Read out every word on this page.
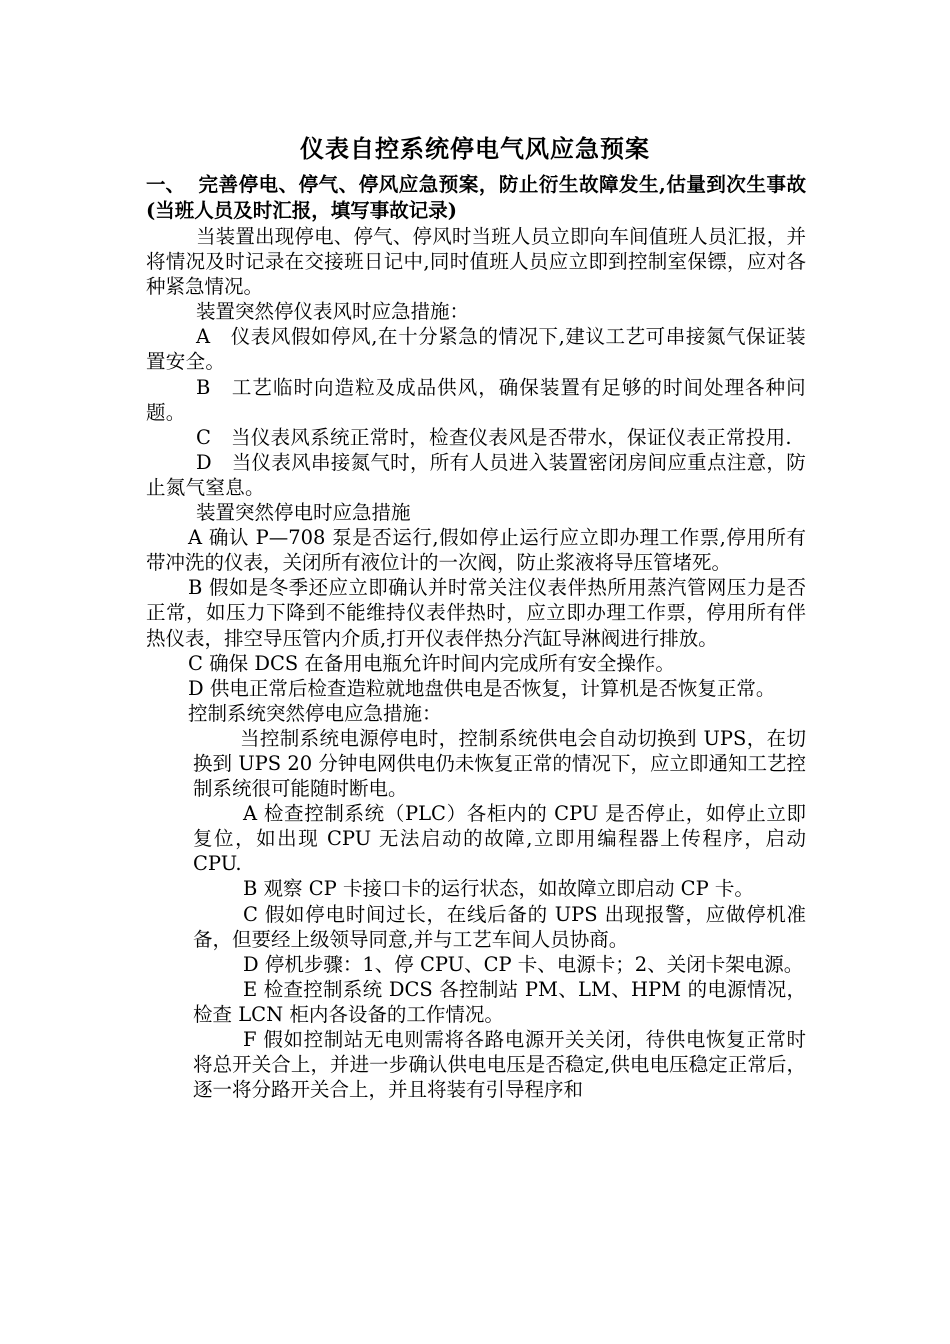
仪表自控系统停电气风应急预案
一、 完善停电、停气、停风应急预案，防止衍生故障发生,估量到次生事故(当班人员及时汇报，填写事故记录)

当装置出现停电、停气、停风时当班人员立即向车间值班人员汇报，并将情况及时记录在交接班日记中,同时值班人员应立即到控制室保镖，应对各种紧急情况。

装置突然停仪表风时应急措施：

A　仪表风假如停风,在十分紧急的情况下,建议工艺可串接氮气保证装置安全。

B　工艺临时向造粒及成品供风，确保装置有足够的时间处理各种问题。

C　当仪表风系统正常时，检查仪表风是否带水，保证仪表正常投用.

D　当仪表风串接氮气时，所有人员进入装置密闭房间应重点注意，防止氮气窒息。

装置突然停电时应急措施

A 确认 P—708 泵是否运行,假如停止运行应立即办理工作票,停用所有带冲洗的仪表，关闭所有液位计的一次阀，防止浆液将导压管堵死。

B 假如是冬季还应立即确认并时常关注仪表伴热所用蒸汽管网压力是否正常，如压力下降到不能维持仪表伴热时，应立即办理工作票，停用所有伴热仪表，排空导压管内介质,打开仪表伴热分汽缸导淋阀进行排放。

C 确保 DCS 在备用电瓶允许时间内完成所有安全操作。

D 供电正常后检查造粒就地盘供电是否恢复，计算机是否恢复正常。

控制系统突然停电应急措施：

当控制系统电源停电时，控制系统供电会自动切换到 UPS，在切换到 UPS 20 分钟电网供电仍未恢复正常的情况下，应立即通知工艺控制系统很可能随时断电。

A 检查控制系统（PLC）各柜内的 CPU 是否停止，如停止立即复位，如出现 CPU 无法启动的故障,立即用编程器上传程序，启动 CPU.

B 观察 CP 卡接口卡的运行状态，如故障立即启动 CP 卡。

C 假如停电时间过长，在线后备的 UPS 出现报警，应做停机准备，但要经上级领导同意,并与工艺车间人员协商。

D 停机步骤：1、停 CPU、CP 卡、电源卡；2、关闭卡架电源。

E 检查控制系统 DCS 各控制站 PM、LM、HPM 的电源情况，检查 LCN 柜内各设备的工作情况。

F 假如控制站无电则需将各路电源开关关闭，待供电恢复正常时将总开关合上，并进一步确认供电电压是否稳定,供电电压稳定正常后，逐一将分路开关合上，并且将装有引导程序和
